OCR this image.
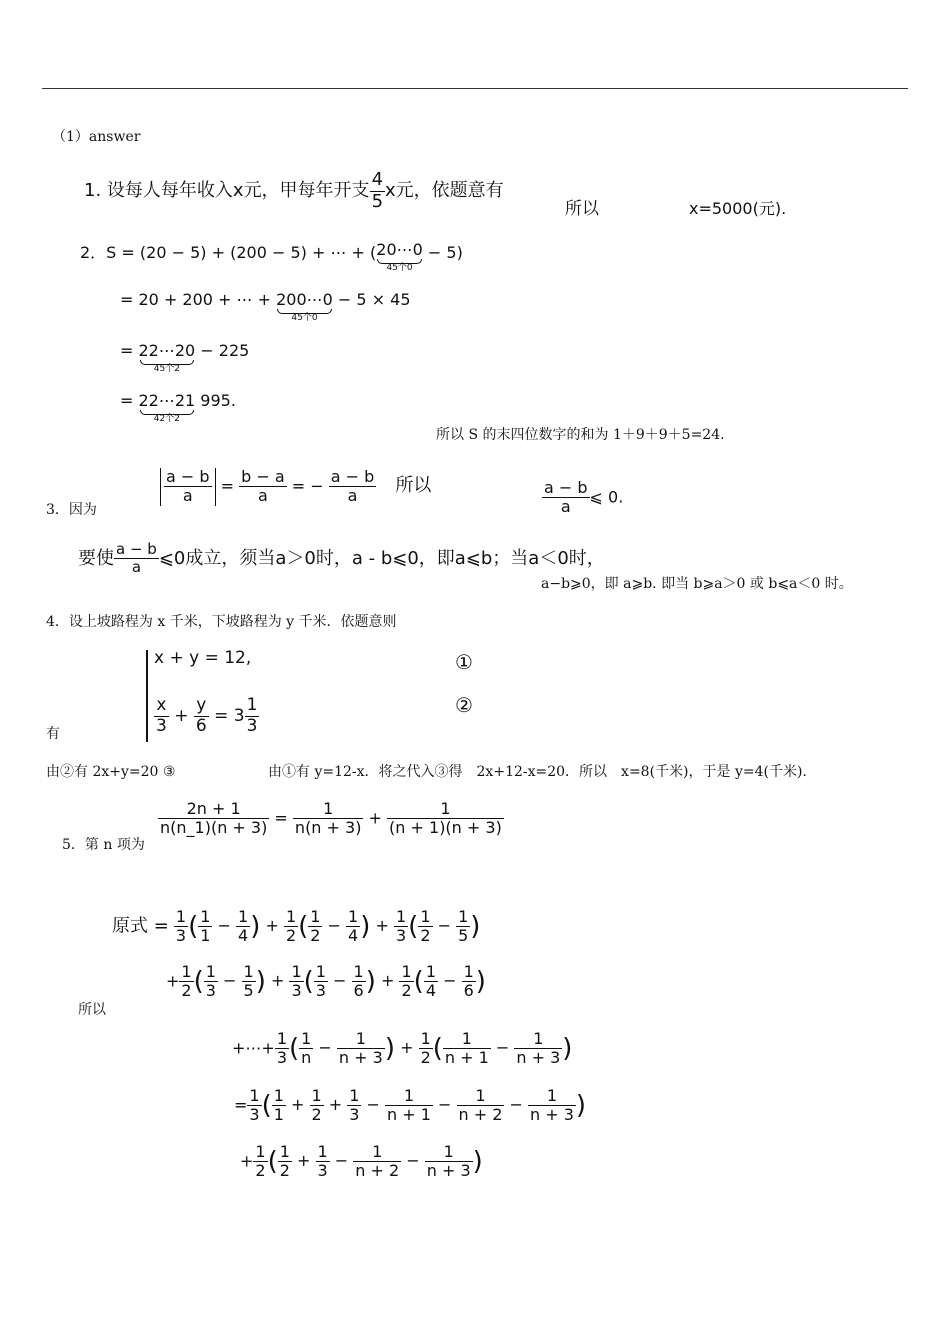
（1）answer
1. 设每人每年收入x元，甲每年开支 $\frac{4}{5}$ x元，依题意有
所以	x=5000(元).
2．S = (20 − 5) + (200 − 5) + ⋯ + (20⋯0
45个0
− 5)
= 20 + 200 + ⋯ + 200⋯0
45个0
− 5 × 45
= 22⋯20
45个2
− 225
= 22⋯21
42个2
995.
所以 S 的末四位数字的和为 1＋9＋9＋5=24.
3．因为
$\frac{a - b}{a} = \frac{b - a}{a}$ = − $\frac{a - b}{a}$ 所以	$\frac{a - b}{a}$ ⩽ 0.
要使 $\frac{a - b}{a}$ ⩽0成立，须当a＞0时，a - b⩽0，即a⩽b；当a＜0时，
a−b⩾0，即 a⩾b. 即当 b⩾a＞0 或 b⩽a＜0 时。
4．设上坡路程为 x 千米，下坡路程为 y 千米．依题意则
有
x + y = 12,
$\frac{x}{3} + \frac{y}{6} = 3 \frac{1}{3}$
①
②
由②有 2x+y=20 ③	由①有 y=12-x．将之代入③得　2x+12-x=20．所以　x=8(千米)，于是 y=4(千米).
5．第 n 项为
$\frac{2n + 1}{n(n\_1)(n + 3)} = \frac{1}{n(n + 3)} + \frac{1}{(n + 1)(n + 3)}$
所以
原式 = $\frac{1}{3}$ ( $\frac{1}{1} - \frac{1}{4}$ ) + $\frac{1}{2}$ ( $\frac{1}{2} - \frac{1}{4}$ ) + $\frac{1}{3}$ ( $\frac{1}{2} - \frac{1}{5}$ )
+ $\frac{1}{2}$ ( $\frac{1}{3} - \frac{1}{5}$ ) + $\frac{1}{3}$ ( $\frac{1}{3} - \frac{1}{6}$ ) + $\frac{1}{2}$ ( $\frac{1}{4} - \frac{1}{6}$ )
+⋯+ $\frac{1}{3}$ ( $\frac{1}{n} - \frac{1}{n + 3}$ ) + $\frac{1}{2}$ ( $\frac{1}{n + 1} - \frac{1}{n + 3}$ )
= $\frac{1}{3}$ ( $\frac{1}{1} + \frac{1}{2} + \frac{1}{3} - \frac{1}{n + 1} - \frac{1}{n + 2} - \frac{1}{n + 3}$ )
+ $\frac{1}{2}$ ( $\frac{1}{2} + \frac{1}{3} - \frac{1}{n + 2} - \frac{1}{n + 3}$ )
